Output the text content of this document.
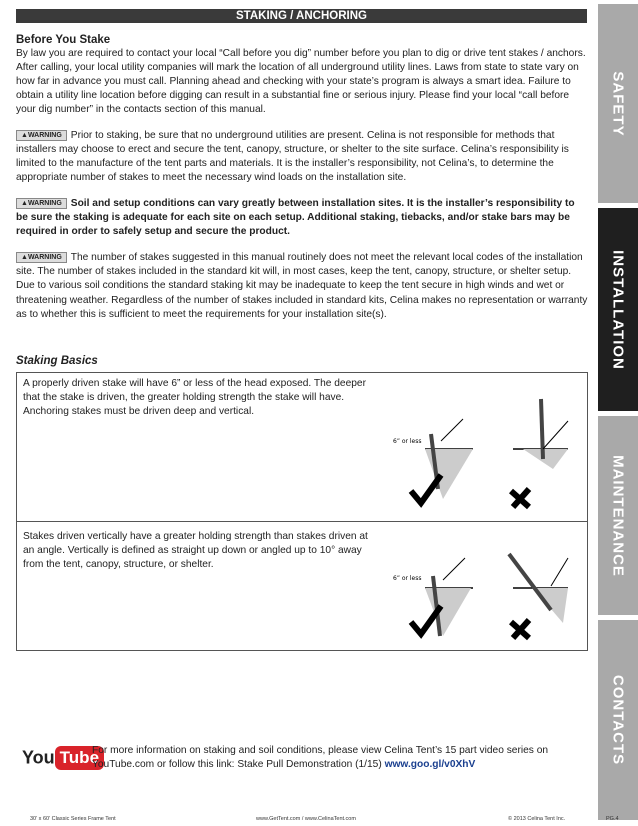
STAKING / ANCHORING
SAFETY
INSTALLATION
MAINTENANCE
CONTACTS
Before You Stake

By law you are required to contact your local “Call before you dig” number before you plan to dig or drive tent stakes / anchors. After calling, your local utility companies will mark the location of all underground utility lines. Laws from state to state vary on how far in advance you must call. Planning ahead and checking with your state’s program is always a smart idea. Failure to obtain a utility line location before digging can result in a substantial fine or serious injury. Please find your local “call before your dig number” in the contacts section of this manual.

▲WARNING Prior to staking, be sure that no underground utilities are present. Celina is not responsible for methods that installers may choose to erect and secure the tent, canopy, structure, or shelter to the site surface. Celina’s responsibility is limited to the manufacture of the tent parts and materials. It is the installer’s responsibility, not Celina’s, to determine the appropriate number of stakes to meet the necessary wind loads on the installation site.

▲WARNING Soil and setup conditions can vary greatly between installation sites. It is the installer’s responsibility to be sure the staking is adequate for each site on each setup. Additional staking, tiebacks, and/or stake bars may be required in order to safely setup and secure the product.

▲WARNING The number of stakes suggested in this manual routinely does not meet the relevant local codes of the installation site. The number of stakes included in the standard kit will, in most cases, keep the tent, canopy, structure, or shelter setup. Due to various soil conditions the standard staking kit may be inadequate to keep the tent secure in high winds and wet or threatening weather. Regardless of the number of stakes included in standard kits, Celina makes no representation or warranty as to whether this is sufficient to meet the requirements for your installation site(s).

Staking Basics
A properly driven stake will have 6” or less of the head exposed. The deeper that the stake is driven, the greater holding strength the stake will have. Anchoring stakes must be driven deep and vertical.
6” or less
Stakes driven vertically have a greater holding strength than stakes driven at an angle. Vertically is defined as straight up down or angled up to 10° away from the tent, canopy, structure, or shelter.
6” or less
You Tube
For more information on staking and soil conditions, please view Celina Tent’s 15 part video series on YouTube.com or follow this link: Stake Pull Demonstration (1/15) www.goo.gl/v0XhV
30’ x 60’ Classic Series Frame Tent	www.GetTent.com / www.CelinaTent.com	© 2013 Celina Tent Inc.	PG.4
